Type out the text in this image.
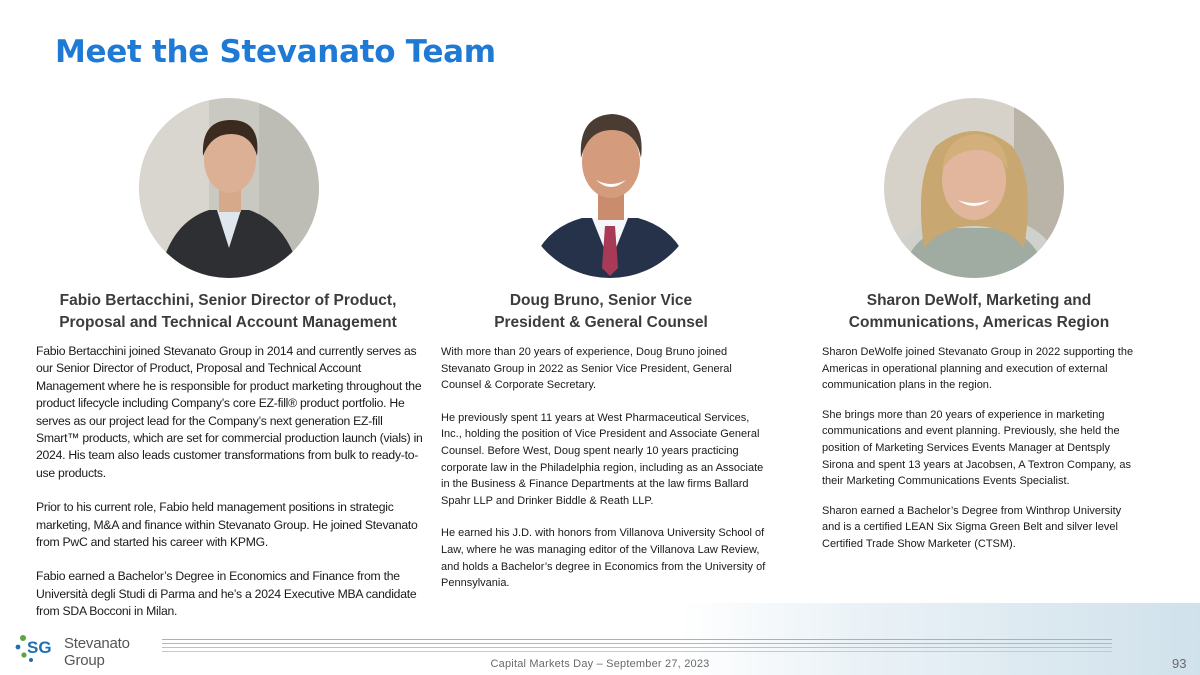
Meet the Stevanato Team
Fabio Bertacchini, Senior Director of Product,
Proposal and Technical Account Management
Doug Bruno, Senior Vice
President & General Counsel
Sharon DeWolf, Marketing and
Communications, Americas Region

Fabio Bertacchini joined Stevanato Group in 2014 and currently serves as our Senior Director of Product, Proposal and Technical Account Management where he is responsible for product marketing throughout the product lifecycle including Company’s core EZ-fill® product portfolio. He serves as our project lead for the Company’s next generation EZ-fill Smart™ products, which are set for commercial production launch (vials) in 2024. His team also leads customer transformations from bulk to ready-to-use products.

Prior to his current role, Fabio held management positions in strategic marketing, M&A and finance within Stevanato Group. He joined Stevanato from PwC and started his career with KPMG.

Fabio earned a Bachelor’s Degree in Economics and Finance from the Università degli Studi di Parma and he’s a 2024 Executive MBA candidate from SDA Bocconi in Milan.

With more than 20 years of experience, Doug Bruno joined Stevanato Group in 2022 as Senior Vice President, General Counsel & Corporate Secretary.

He previously spent 11 years at West Pharmaceutical Services, Inc., holding the position of Vice President and Associate General Counsel. Before West, Doug spent nearly 10 years practicing corporate law in the Philadelphia region, including as an Associate in the Business & Finance Departments at the law firms Ballard Spahr LLP and Drinker Biddle & Reath LLP.

He earned his J.D. with honors from Villanova University School of Law, where he was managing editor of the Villanova Law Review, and holds a Bachelor’s degree in Economics from the University of Pennsylvania.

Sharon DeWolfe joined Stevanato Group in 2022 supporting the Americas in operational planning and execution of external communication plans in the region.

She brings more than 20 years of experience in marketing communications and event planning. Previously, she held the position of Marketing Services Events Manager at Dentsply Sirona and spent 13 years at Jacobsen, A Textron Company, as their Marketing Communications Events Specialist.

Sharon earned a Bachelor’s Degree from Winthrop University and is a certified LEAN Six Sigma Green Belt and silver level Certified Trade Show Marketer (CTSM).

SG Stevanato Group	Capital Markets Day – September 27, 2023	93
